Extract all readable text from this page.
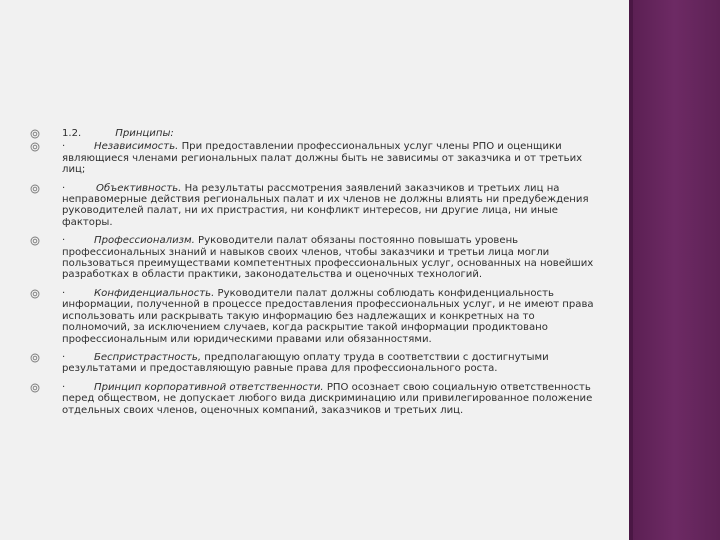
1.2.	Принципы:
·	Независимость. При предоставлении профессиональных услуг члены РПО и оценщики являющиеся членами региональных палат должны быть не зависимы от заказчика и от третьих лиц;
·	Объективность. На результаты рассмотрения заявлений заказчиков и третьих лиц на неправомерные действия региональных палат и их членов не должны влиять ни предубеждения руководителей палат, ни их пристрастия, ни конфликт интересов, ни другие лица, ни иные факторы.
·	Профессионализм. Руководители палат обязаны постоянно повышать уровень профессиональных знаний и навыков своих членов, чтобы заказчики и третьи лица могли пользоваться преимуществами компетентных профессиональных услуг, основанных на новейших разработках в области практики, законодательства и оценочных технологий.
·	Конфиденциальность. Руководители палат должны соблюдать конфиденциальность информации, полученной в процессе предоставления профессиональных услуг, и не имеют права использовать или раскрывать такую информацию без надлежащих и конкретных на то полномочий, за исключением случаев, когда раскрытие такой информации продиктовано профессиональным или юридическими правами или обязанностями.
·	Беспристрастность, предполагающую оплату труда в соответствии с достигнутыми результатами и предоставляющую равные права для профессионального роста.
·	Принцип корпоративной ответственности. РПО осознает свою социальную ответственность перед обществом, не допускает любого вида дискриминацию или привилегированное положение отдельных своих членов, оценочных компаний, заказчиков и третьих лиц.
